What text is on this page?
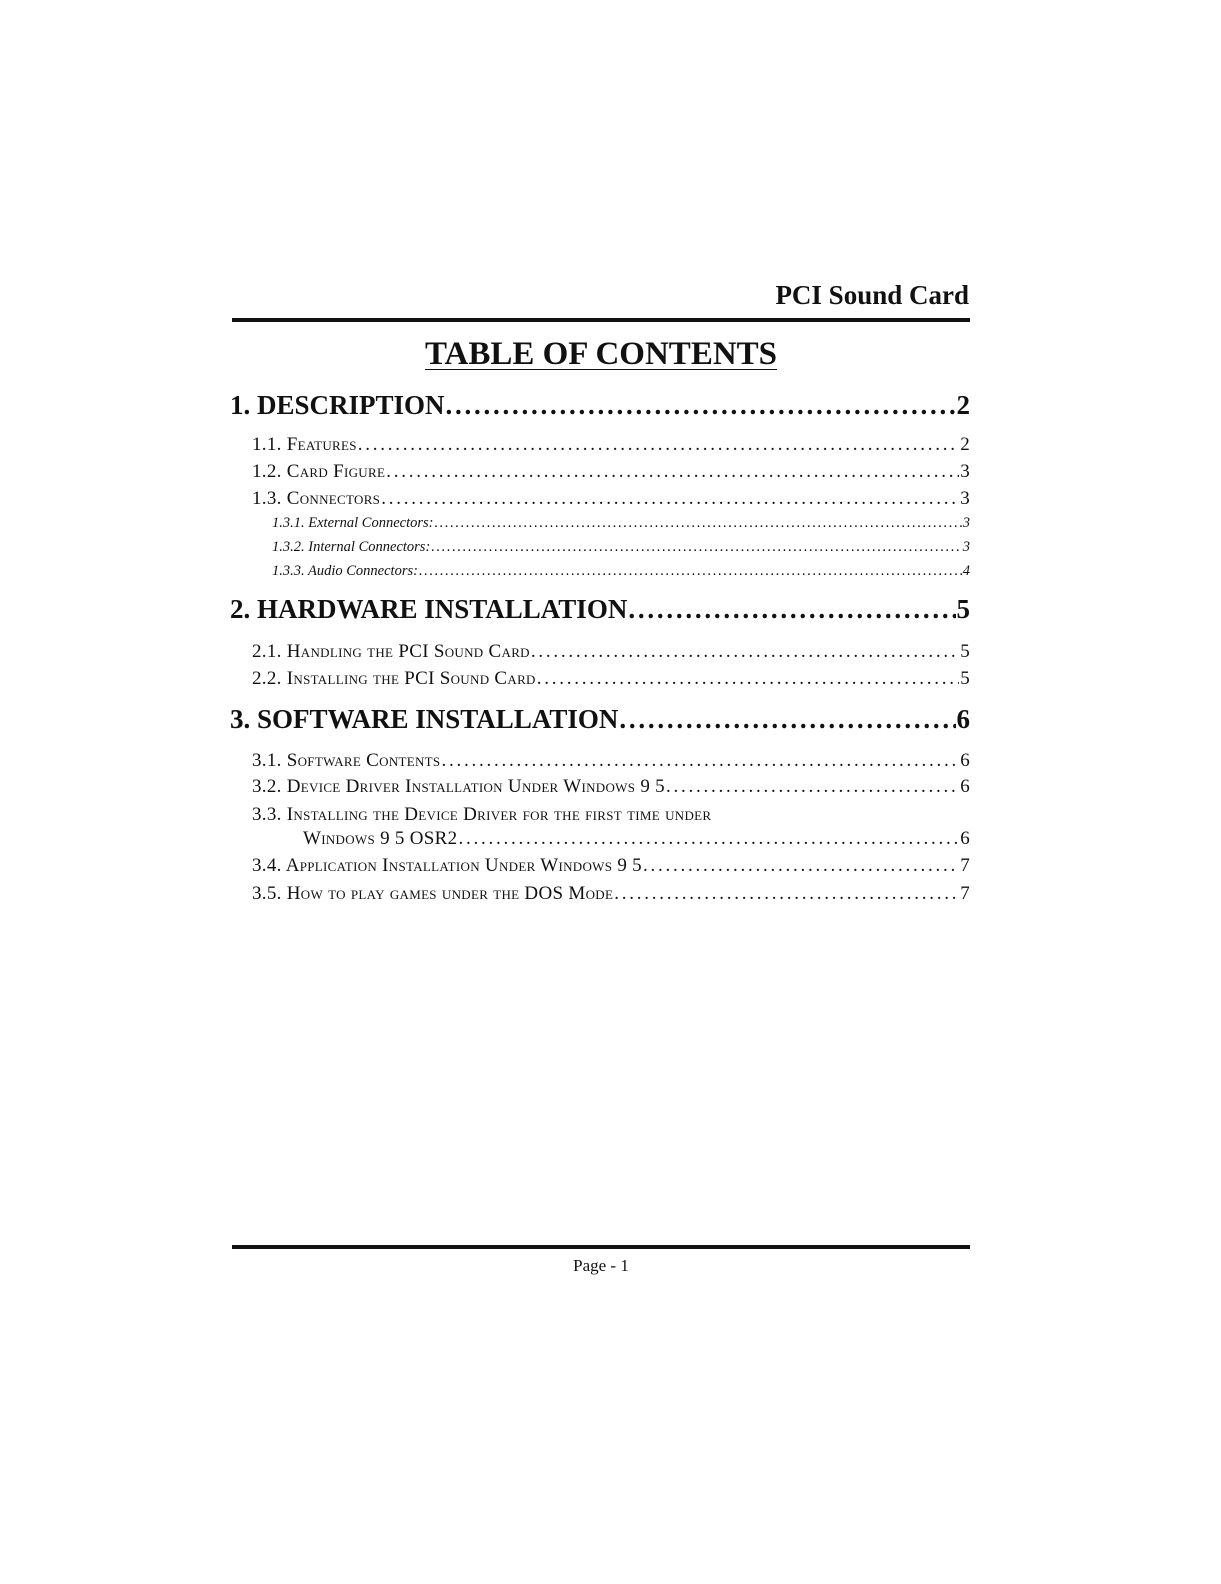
PCI Sound Card
TABLE OF CONTENTS
1. DESCRIPTION . . .	2
1.1. Features . . .	2
1.2. Card Figure . . .	3
1.3. Connectors . . .	3
1.3.1. External Connectors: . . .	3
1.3.2. Internal Connectors: . . .	3
1.3.3. Audio Connectors: . . .	4
2. HARDWARE INSTALLATION . . .	5
2.1. Handling the PCI Sound Card . . .	5
2.2. Installing the PCI Sound Card . . .	5
3. SOFTWARE INSTALLATION . . .	6
3.1. Software Contents . . .	6
3.2. Device Driver Installation Under Windows 9 5 . . .	6
3.3. Installing the Device Driver for the first time under
Windows 9 5 OSR2 . . .	6
3.4. Application Installation Under Windows 9 5 . . .	7
3.5. How to play games under the DOS Mode . . .	7
Page - 1
